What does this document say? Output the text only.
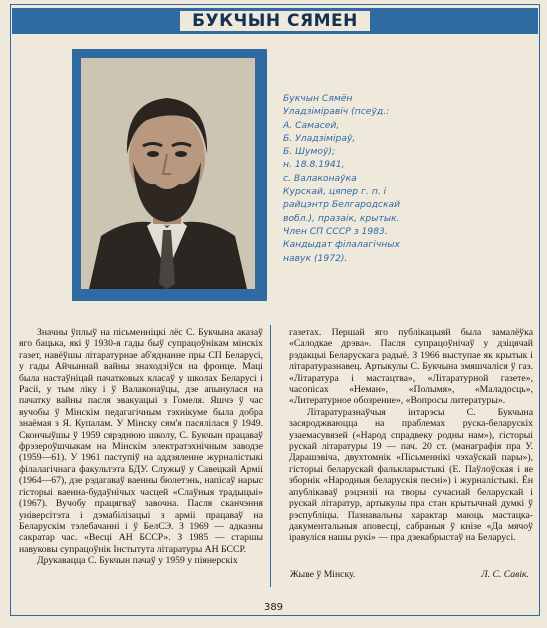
БУКЧЫН СЯМЕН
Букчын Сямён
Уладзіміравіч (псеўд.:
А. Самасей,
Б. Уладзіміраў,
Б. Шумоў);
н. 18.8.1941,
с. Валаконаўка
Курскай, цяпер г. п. і
райцэнтр Белгародскай
вобл.), празаік, крытык.
Член СП СССР з 1983.
Кандыдат філалагічных
навук (1972).

Значны ўплыў на пісьменніцкі лёс С. Букчына аказаў яго бацька, які ў 1930-я гады быў супрацоўнікам мінскіх газет, навёўшы літаратурнае аб'яднанне пры СП Беларусі, у гады Айчыннай вайны знаходзіўся на фронце. Маці была настаўніцай пачатковых класаў у школах Беларусі і Расіі, у тым ліку і ў Валаконаўцы, дзе апынулася на пачатку вайны пасля эвакуацыі з Гомеля. Яшчэ ў час вучобы ў Мінскім педагагічным тэхнікуме была добра знаёмая з Я. Купалам. У Мінску сям'я пасялілася ў 1949. Скончыўшы ў 1959 сярэднюю школу, С. Букчын працаваў фрэзероўшчыкам на Мінскім электратэхнічным заводзе (1959—61). У 1961 паступіў на аддзяленне журналістыкі філалагічнага факультэта БДУ. Служыў у Савецкай Арміі (1964—67), дзе рэдагаваў ваенны бюлетэнь, напісаў нарыс гісторыі ваенна-будаўнічых часцей «Слаўныя традыцыі» (1967). Вучобу працягваў завочна. Пасля сканчэння універсітэта і дэмабілізацыі з арміі працаваў на Беларускім тэлебачанні і ў БелСЭ. З 1969 — адказны сакратар час. «Весці АН БССР». З 1985 — старшы навуковы супрацоўнік Інстытута літаратуры АН БССР.

Друкавацца С. Букчын пачаў у 1959 у піянерскіх

газетах. Першай яго публікацыяй была замалёўка «Салодкае дрэва». Пасля супрацоўнічаў у дзіцячай рэдакцыі Беларускага радыё. З 1966 выступае як крытык і літаратуразнавец. Артыкулы С. Букчына змяшчаліся ў газ. «Літаратура і мастацтва», «Літаратурной газете», часопісах «Неман», «Полымя», «Маладосць», «Литературное обозрение», «Вопросы литературы».

Літаратуразнаўчыя інтарэсы С. Букчына засяроджваюцца на праблемах руска-беларускіх узаемасувязей («Народ спрадвеку родны нам»), гісторыі рускай літаратуры 19 — пач. 20 ст. (манаграфія пра У. Дарашэвіча, двухтомнік «Пісьменнікі чэхаўскай пары»), гісторыі беларускай фалькларыстыкі (Е. Паўлоўская і яе зборнік «Народныя беларускія песні») і журналістыкі. Ён апублікаваў рэцэнзіі на творы сучаснай беларускай і рускай літаратур, артыкулы пра стан крытычнай думкі ў рэспубліцы. Пазнавальны характар маюць мастацка-дакументальныя аповесці, сабраныя ў кнізе «Да мячоў іравуліся нашы рукі» — пра дзекабрыстаў на Беларусі.

Жыве ў Мінску.	Л. С. Савік.
389
